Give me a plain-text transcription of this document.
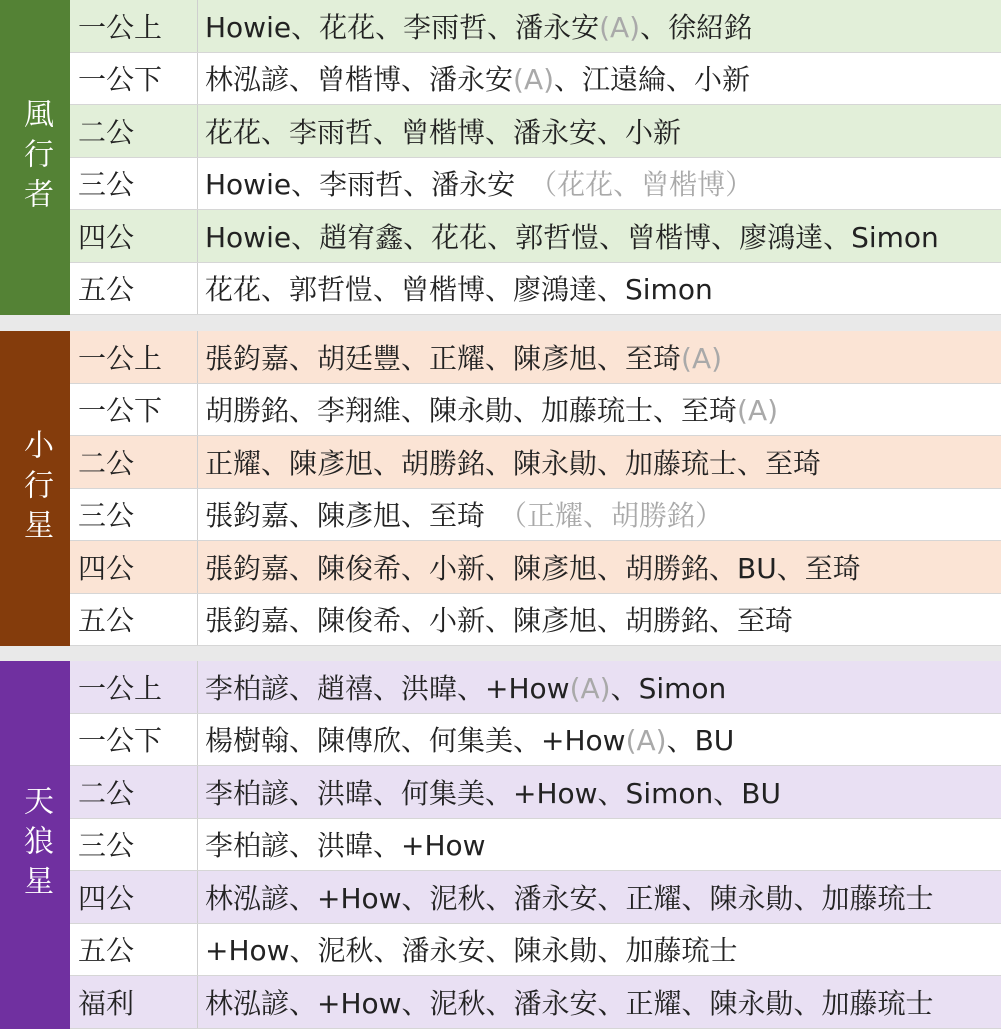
風行者
一公上	Howie、花花、李雨哲、潘永安(A)、徐紹銘
一公下	林泓諺、曾楷博、潘永安(A)、江遠綸、小新
二公	花花、李雨哲、曾楷博、潘永安、小新
三公	Howie、李雨哲、潘永安　（花花、曾楷博）
四公	Howie、趙宥鑫、花花、郭哲愷、曾楷博、廖鴻達、Simon
五公	花花、郭哲愷、曾楷博、廖鴻達、Simon
小行星
一公上	張鈞嘉、胡廷豐、正耀、陳彥旭、至琦(A)
一公下	胡勝銘、李翔維、陳永勛、加藤琉士、至琦(A)
二公	正耀、陳彥旭、胡勝銘、陳永勛、加藤琉士、至琦
三公	張鈞嘉、陳彥旭、至琦　（正耀、胡勝銘）
四公	張鈞嘉、陳俊希、小新、陳彥旭、胡勝銘、BU、至琦
五公	張鈞嘉、陳俊希、小新、陳彥旭、胡勝銘、至琦
天狼星
一公上	李柏諺、趙禧、洪暐、+How(A)、Simon
一公下	楊樹翰、陳傳欣、何集美、+How(A)、BU
二公	李柏諺、洪暐、何集美、+How、Simon、BU
三公	李柏諺、洪暐、+How
四公	林泓諺、+How、泥秋、潘永安、正耀、陳永勛、加藤琉士
五公	+How、泥秋、潘永安、陳永勛、加藤琉士
福利	林泓諺、+How、泥秋、潘永安、正耀、陳永勛、加藤琉士
